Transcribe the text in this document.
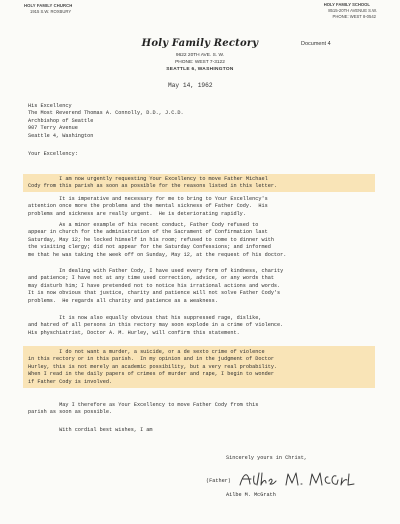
HOLY FAMILY CHURCH
1915 S.W. ROXBURY
HOLY FAMILY SCHOOL
8515-20TH AVENUE S.W.
PHONE: WEST 8-0542
Holy Family Rectory	Document 4
9622 20TH AVE. S. W.
PHONE: WEST 7-3122
SEATTLE 6, WASHINGTON
May 14, 1962
His Excellency
The Most Reverend Thomas A. Connolly, D.D., J.C.D.
Archbishop of Seattle
907 Terry Avenue
Seattle 4, Washington
Your Excellency:
I am now urgently requesting Your Excellency to move Father Michael
Cody from this parish as soon as possible for the reasons listed in this letter.
It is imperative and necessary for me to bring to Your Excellency's
attention once more the problems and the mental sickness of Father Cody.  His
problems and sickness are really urgent.  He is deteriorating rapidly.
As a minor example of his recent conduct, Father Cody refused to
appear in church for the administration of the Sacrament of Confirmation last
Saturday, May 12; he locked himself in his room; refused to come to dinner with
the visiting clergy; did not appear for the Saturday Confessions; and informed
me that he was taking the week off on Sunday, May 12, at the request of his doctor.
In dealing with Father Cody, I have used every form of kindness, charity
and patience; I have not at any time used correction, advice, or any words that
may disturb him; I have pretended not to notice his irrational actions and words.
It is now obvious that justice, charity and patience will not solve Father Cody's
problems.  He regards all charity and patience as a weakness.
It is now also equally obvious that his suppressed rage, dislike,
and hatred of all persons in this rectory may soon explode in a crime of violence.
His physchiatrist, Doctor A. M. Hurley, will confirm this statement.
I do not want a murder, a suicide, or a de sexto crime of violence
in this rectory or in this parish.  In my opinion and in the judgment of Doctor
Hurley, this is not merely an academic possibility, but a very real probability.
When I read in the daily papers of crimes of murder and rape, I begin to wonder
if Father Cody is involved.
May I therefore as Your Excellency to move Father Cody from this
parish as soon as possible.
With cordial best wishes, I am
Sincerely yours in Christ,
(Father)
Ailbe M. McGrath
